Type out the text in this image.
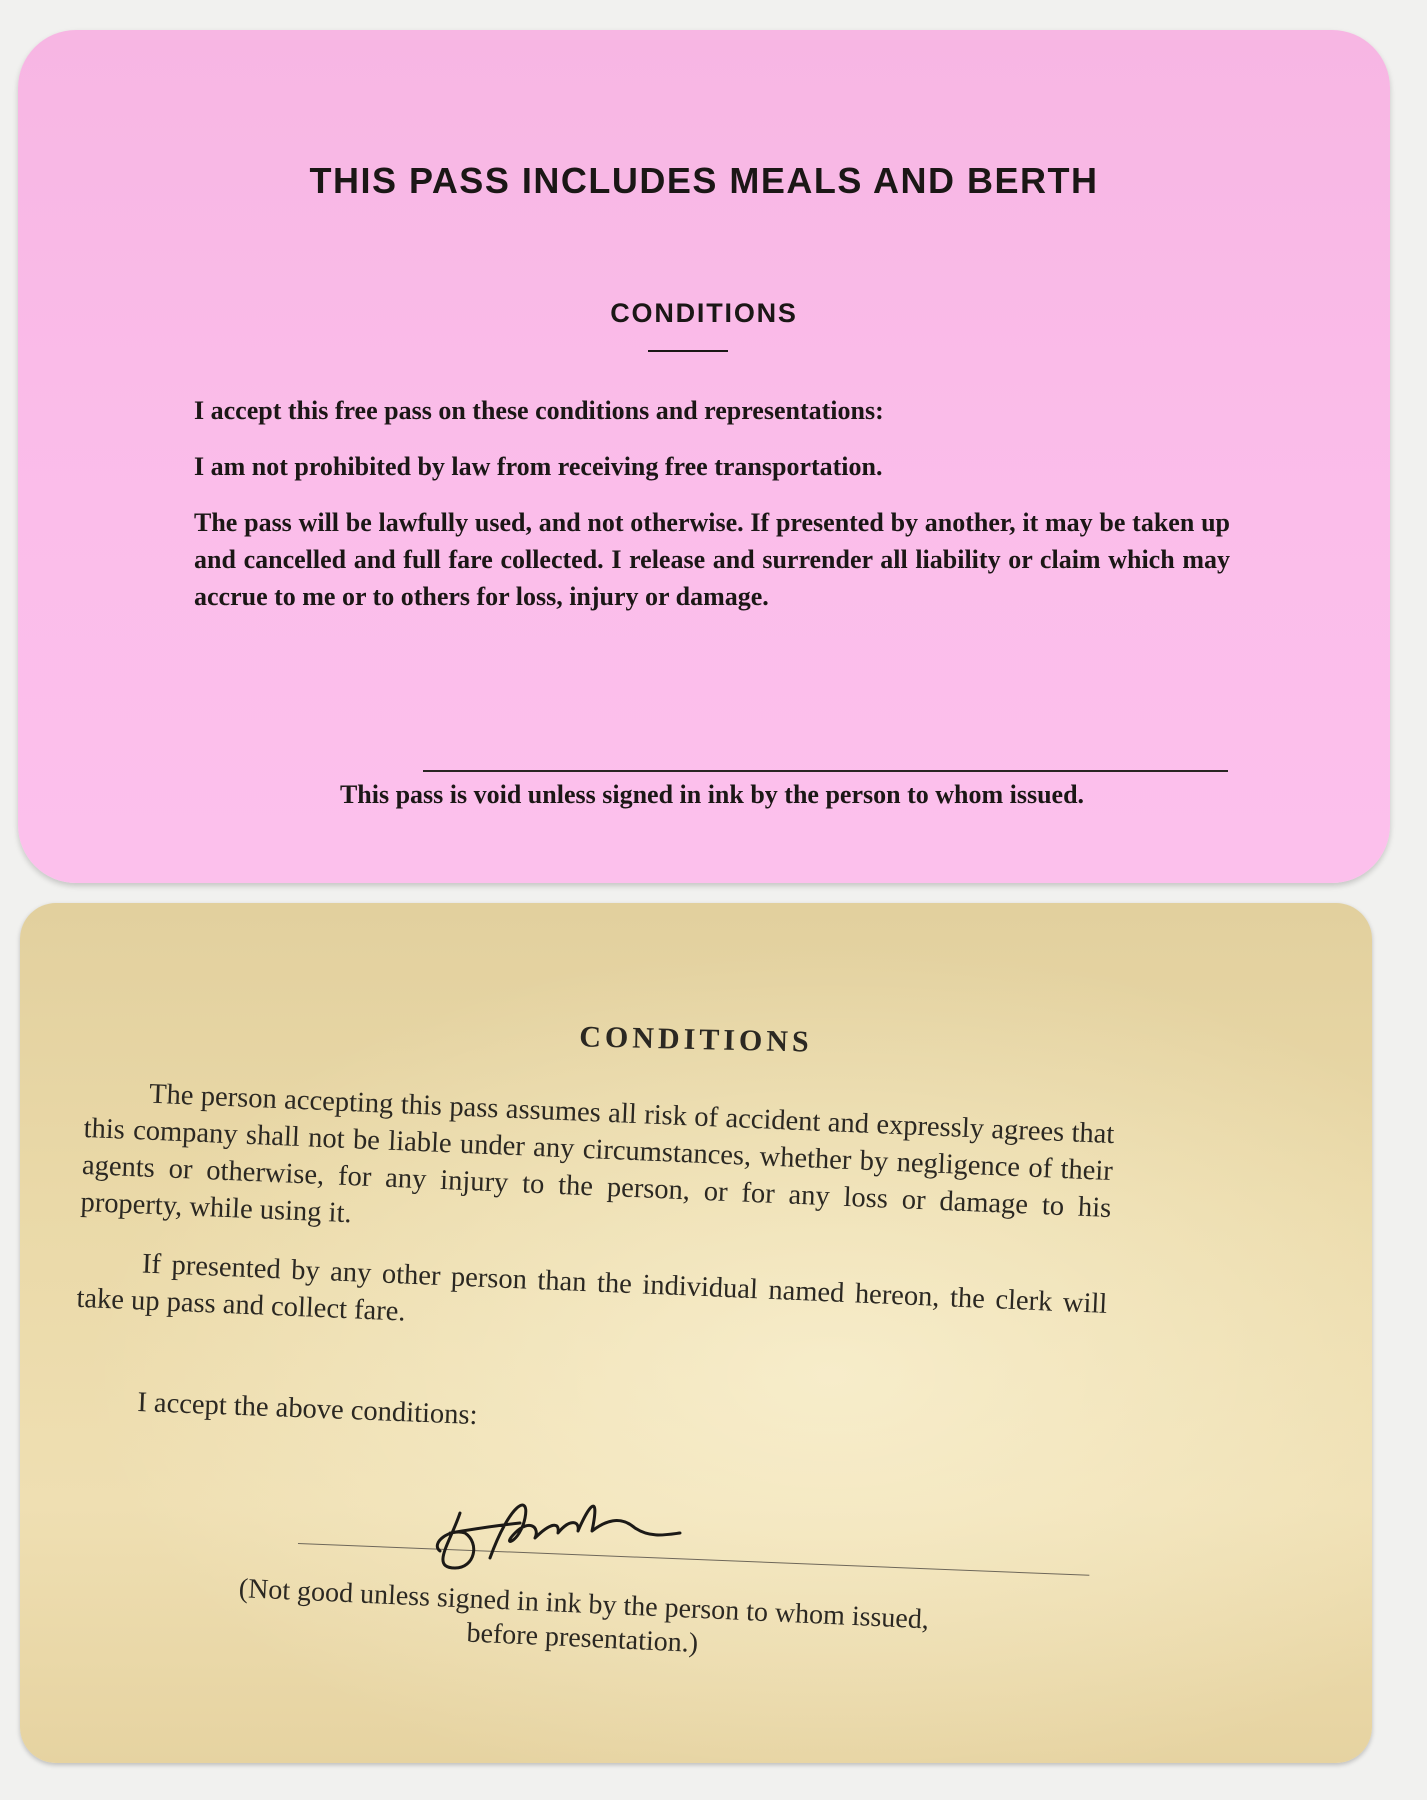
THIS PASS INCLUDES MEALS AND BERTH
CONDITIONS

I accept this free pass on these conditions and representations:

I am not prohibited by law from receiving free transportation.

The pass will be lawfully used, and not otherwise. If presented by another, it may be taken up and cancelled and full fare collected. I release and surrender all liability or claim which may accrue to me or to others for loss, injury or damage.

This pass is void unless signed in ink by the person to whom issued.
CONDITIONS

The person accepting this pass assumes all risk of accident and expressly agrees that this company shall not be liable under any circumstances, whether by negligence of their agents or otherwise, for any injury to the person, or for any loss or damage to his property, while using it.

If presented by any other person than the individual named hereon, the clerk will take up pass and collect fare.

I accept the above conditions:
(Not good unless signed in ink by the person to whom issued, before presentation.)
